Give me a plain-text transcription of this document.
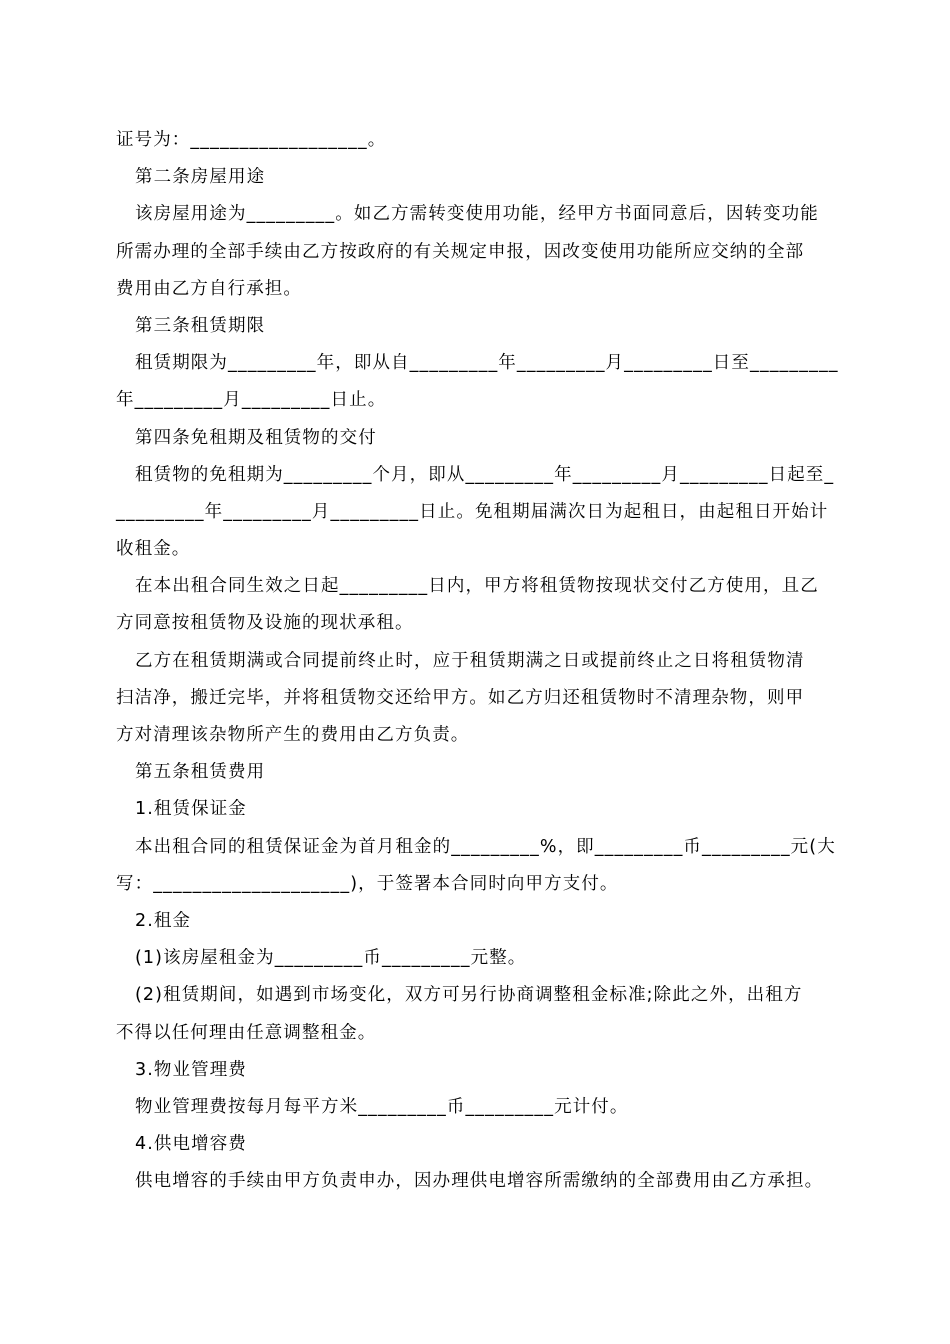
证号为：__________________。
第二条房屋用途
该房屋用途为_________。如乙方需转变使用功能，经甲方书面同意后，因转变功能
所需办理的全部手续由乙方按政府的有关规定申报，因改变使用功能所应交纳的全部
费用由乙方自行承担。
第三条租赁期限
租赁期限为_________年，即从自_________年_________月_________日至_________
年_________月_________日止。
第四条免租期及租赁物的交付
租赁物的免租期为_________个月，即从_________年_________月_________日起至_
_________年_________月_________日止。免租期届满次日为起租日，由起租日开始计
收租金。
在本出租合同生效之日起_________日内，甲方将租赁物按现状交付乙方使用，且乙
方同意按租赁物及设施的现状承租。
乙方在租赁期满或合同提前终止时，应于租赁期满之日或提前终止之日将租赁物清
扫洁净，搬迁完毕，并将租赁物交还给甲方。如乙方归还租赁物时不清理杂物，则甲
方对清理该杂物所产生的费用由乙方负责。
第五条租赁费用
1.租赁保证金
本出租合同的租赁保证金为首月租金的_________%，即_________币_________元(大
写：____________________)，于签署本合同时向甲方支付。
2.租金
(1)该房屋租金为_________币_________元整。
(2)租赁期间，如遇到市场变化，双方可另行协商调整租金标准;除此之外，出租方
不得以任何理由任意调整租金。
3.物业管理费
物业管理费按每月每平方米_________币_________元计付。
4.供电增容费
供电增容的手续由甲方负责申办，因办理供电增容所需缴纳的全部费用由乙方承担。
